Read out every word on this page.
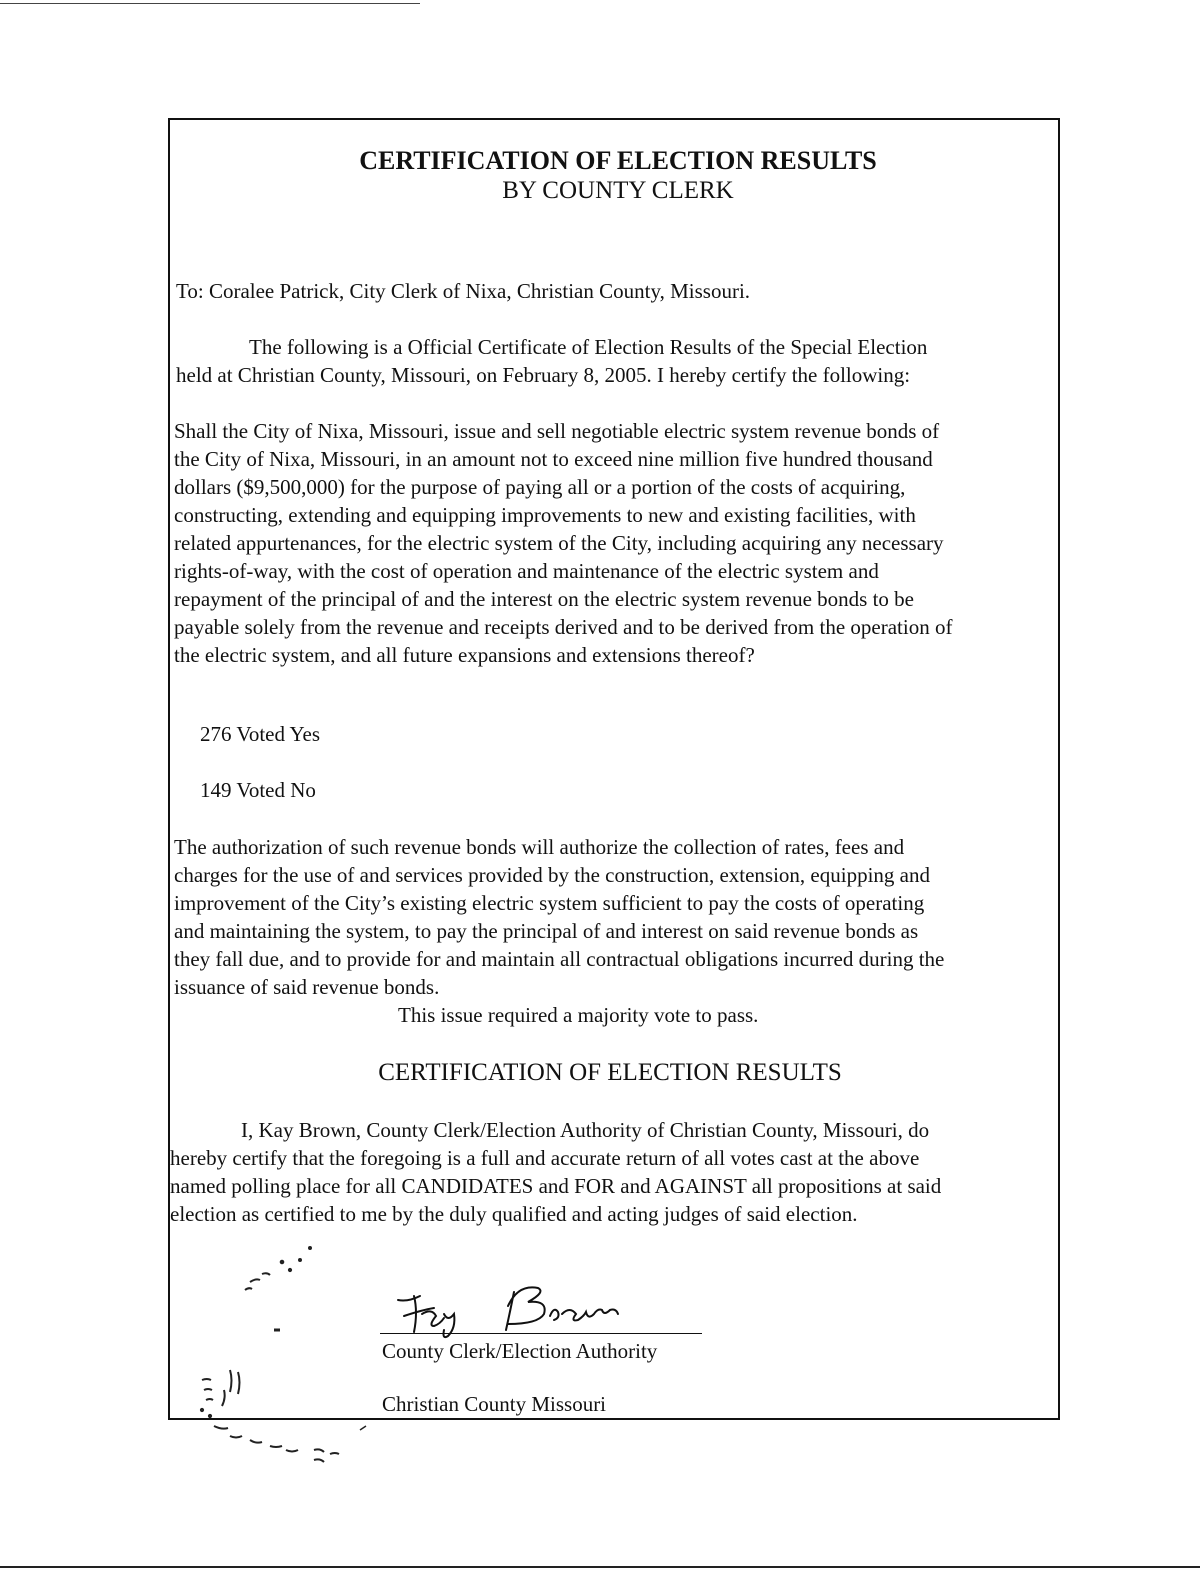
CERTIFICATION OF ELECTION RESULTS
BY COUNTY CLERK
To: Coralee Patrick, City Clerk of Nixa, Christian County, Missouri.
The following is a Official Certificate of Election Results of the Special Election
held at Christian County, Missouri, on February 8, 2005. I hereby certify the following:
Shall the City of Nixa, Missouri, issue and sell negotiable electric system revenue bonds of
the City of Nixa, Missouri, in an amount not to exceed nine million five hundred thousand
dollars ($9,500,000) for the purpose of paying all or a portion of the costs of acquiring,
constructing, extending and equipping improvements to new and existing facilities, with
related appurtenances, for the electric system of the City, including acquiring any necessary
rights-of-way, with the cost of operation and maintenance of the electric system and
repayment of the principal of and the interest on the electric system revenue bonds to be
payable solely from the revenue and receipts derived and to be derived from the operation of
the electric system, and all future expansions and extensions thereof?
276 Voted Yes
149 Voted No
The authorization of such revenue bonds will authorize the collection of rates, fees and
charges for the use of and services provided by the construction, extension, equipping and
improvement of the City’s existing electric system sufficient to pay the costs of operating
and maintaining the system, to pay the principal of and interest on said revenue bonds as
they fall due, and to provide for and maintain all contractual obligations incurred during the
issuance of said revenue bonds.
This issue required a majority vote to pass.
CERTIFICATION OF ELECTION RESULTS
I, Kay Brown, County Clerk/Election Authority of Christian County, Missouri, do
hereby certify that the foregoing is a full and accurate return of all votes cast at the above
named polling place for all CANDIDATES and FOR and AGAINST all propositions at said
election as certified to me by the duly qualified and acting judges of said election.
County Clerk/Election Authority
Christian County Missouri
